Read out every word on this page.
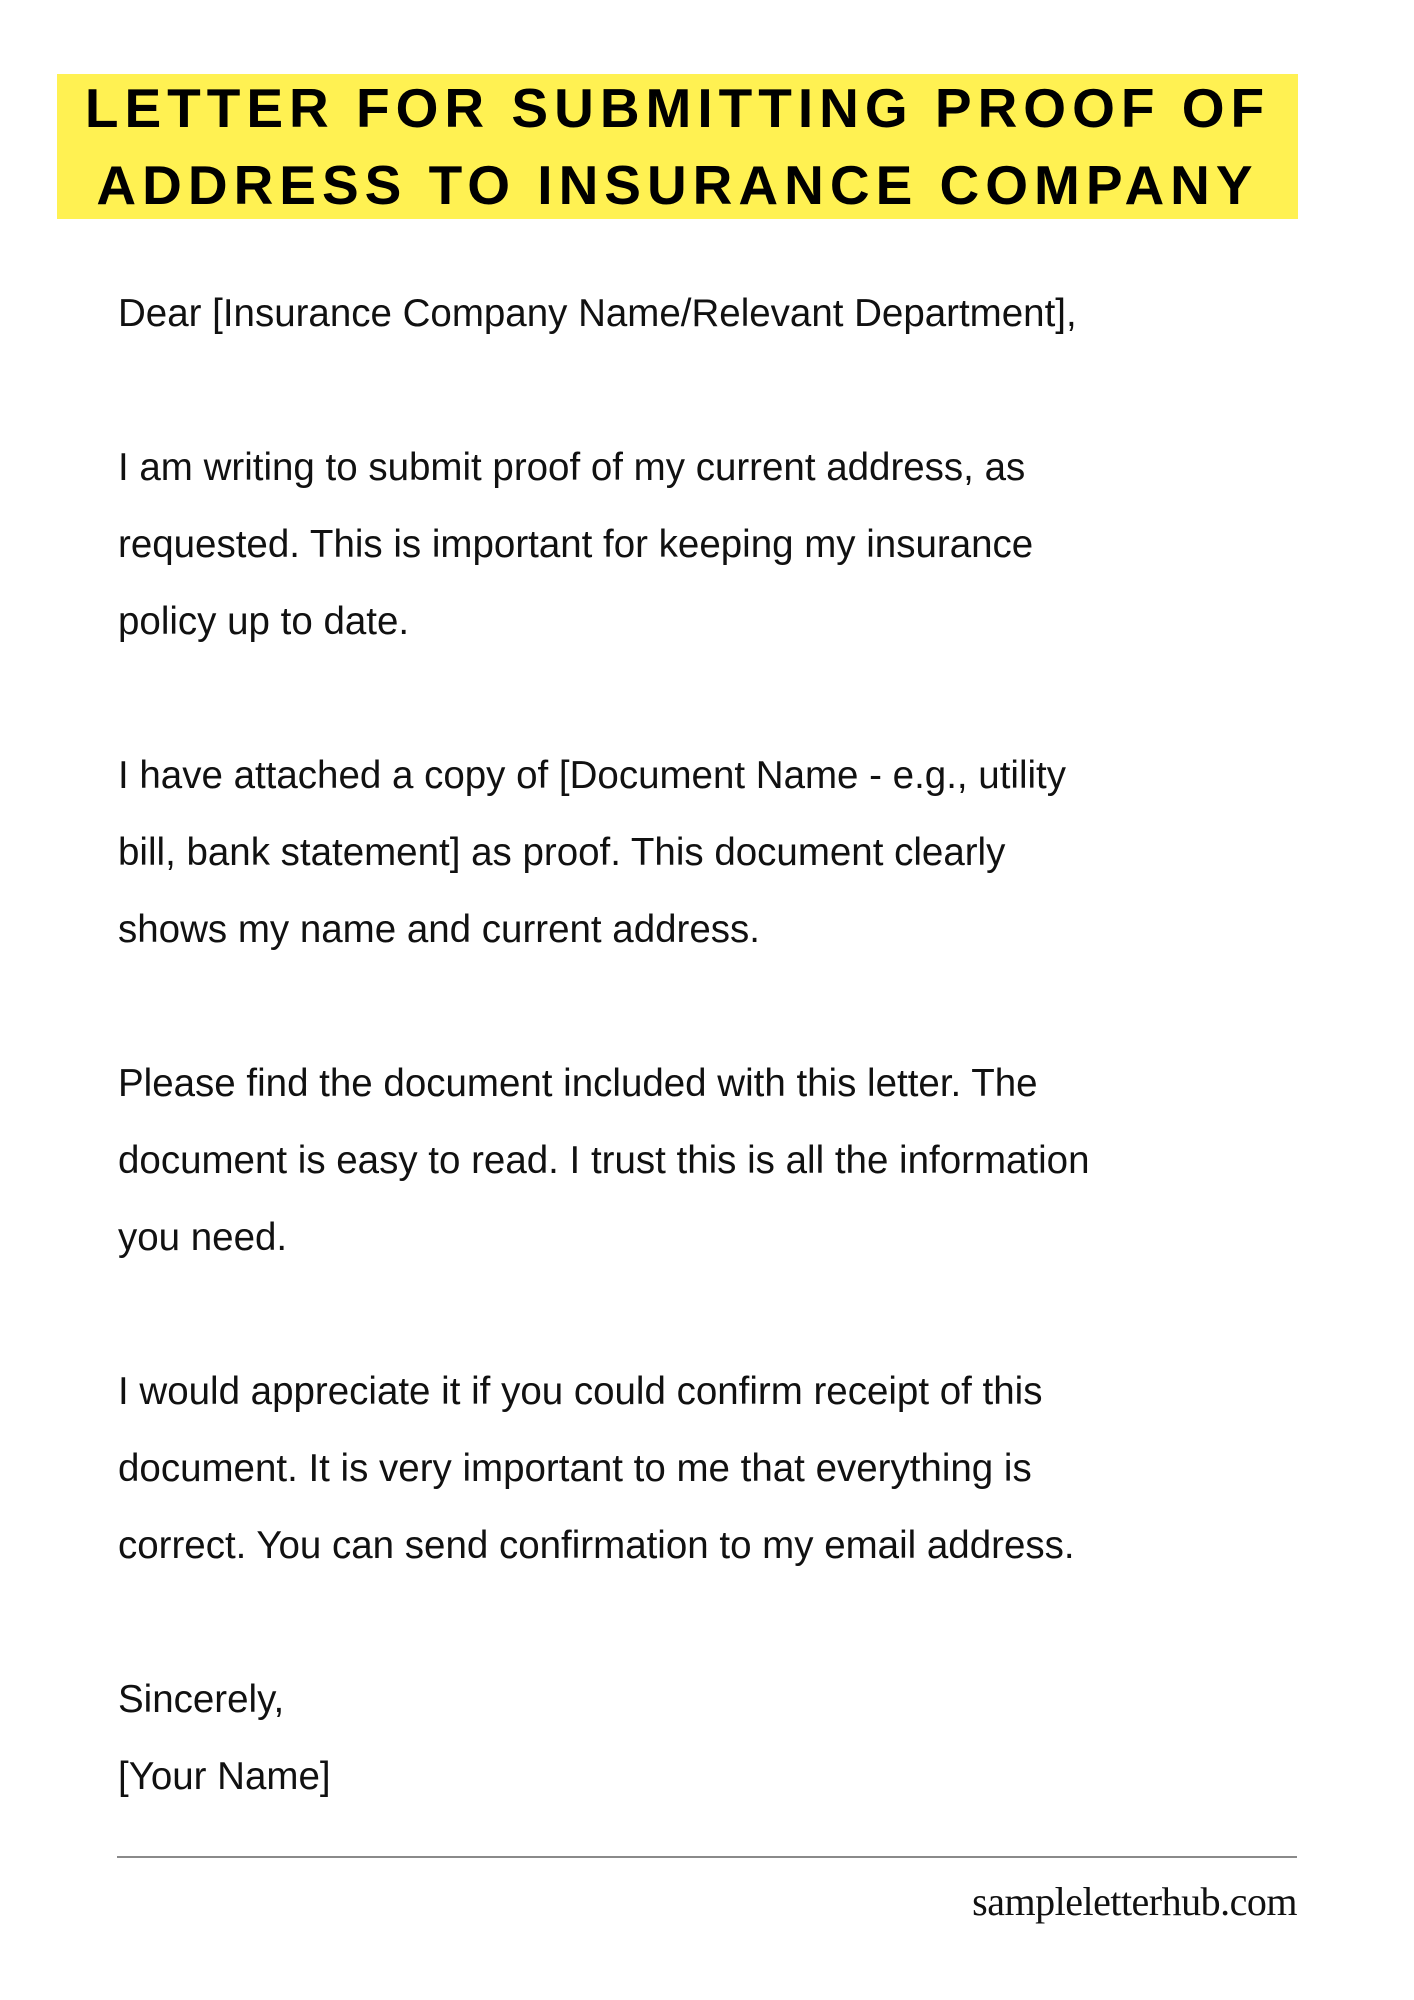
LETTER FOR SUBMITTING PROOF OF
ADDRESS TO INSURANCE COMPANY
Dear [Insurance Company Name/Relevant Department],
I am writing to submit proof of my current address, as
requested. This is important for keeping my insurance
policy up to date.
I have attached a copy of [Document Name - e.g., utility
bill, bank statement] as proof. This document clearly
shows my name and current address.
Please find the document included with this letter. The
document is easy to read. I trust this is all the information
you need.
I would appreciate it if you could confirm receipt of this
document. It is very important to me that everything is
correct. You can send confirmation to my email address.
Sincerely,
[Your Name]
sampleletterhub.com
